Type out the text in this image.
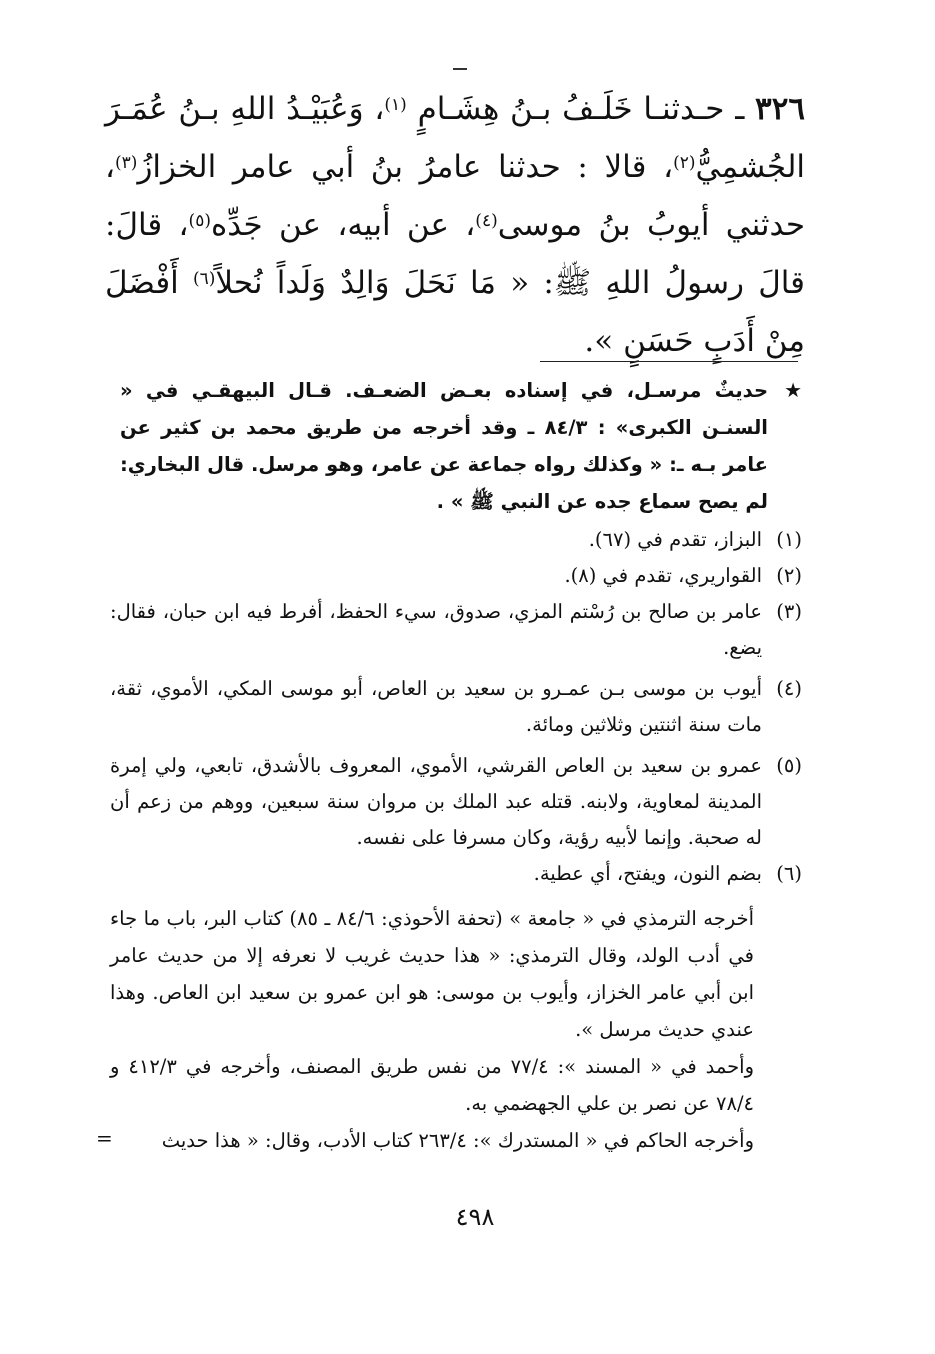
٣٢٦ ـ حـدثنـا خَلَـفُ بـنُ هِشَـامٍ $^{(١)}$، وَعُبَيْـدُ اللهِ بـنُ عُمَـرَ الجُشمِيُّ$^{(٢)}$، قالا : حدثنا عامرُ بنُ أبي عامر الخزازُ$^{(٣)}$، حدثني أيوبُ بنُ موسى$^{(٤)}$، عن أبيه، عن جَدِّه$^{(٥)}$، قالَ: قالَ رسولُ اللهِ ﷺ: « مَا نَحَلَ وَالِدٌ وَلَداً نُحلاً$^{(٦)}$ أَفْضَلَ مِنْ أَدَبٍ حَسَنٍ ».

★

حديثٌ مرسـل، في إسناده بعـض الضعـف. قـال البيهقـي في « السنـن الكبرى» : ٨٤/٣ ـ وقد أخرجه من طريق محمد بن كثير عن عامر بـه ـ: « وكذلك رواه جماعة عن عامر، وهو مرسل. قال البخاري: لم يصح سماع جده عن النبي ﷺ » .

(١)

البزاز، تقدم في (٦٧).

(٢)

القواريري، تقدم في (٨).

(٣)

عامر بن صالح بن رُسْتم المزي، صدوق، سيء الحفظ، أفرط فيه ابن حبان، فقال: يضع.

(٤)

أيوب بن موسى بـن عمـرو بن سعيد بن العاص، أبو موسى المكي، الأموي، ثقة، مات سنة اثنتين وثلاثين ومائة.

(٥)

عمرو بن سعيد بن العاص القرشي، الأموي، المعروف بالأشدق، تابعي، ولي إمرة المدينة لمعاوية، ولابنه. قتله عبد الملك بن مروان سنة سبعين، ووهم من زعم أن له صحبة. وإنما لأبيه رؤية، وكان مسرفا على نفسه.

(٦)

بضم النون، ويفتح، أي عطية.

أخرجه الترمذي في « جامعة » (تحفة الأحوذي: ٨٤/٦ ـ ٨٥) كتاب البر، باب ما جاء في أدب الولد، وقال الترمذي: « هذا حديث غريب لا نعرفه إلا من حديث عامر ابن أبي عامر الخزاز، وأيوب بن موسى: هو ابن عمرو بن سعيد ابن العاص. وهذا عندي حديث مرسل ».

وأحمد في « المسند »: ٧٧/٤ من نفس طريق المصنف، وأخرجه في ٤١٢/٣ و ٧٨/٤ عن نصر بن علي الجهضمي به.

وأخرجه الحاكم في « المستدرك »: ٢٦٣/٤ كتاب الأدب، وقال: « هذا حديث
=

٤٩٨
